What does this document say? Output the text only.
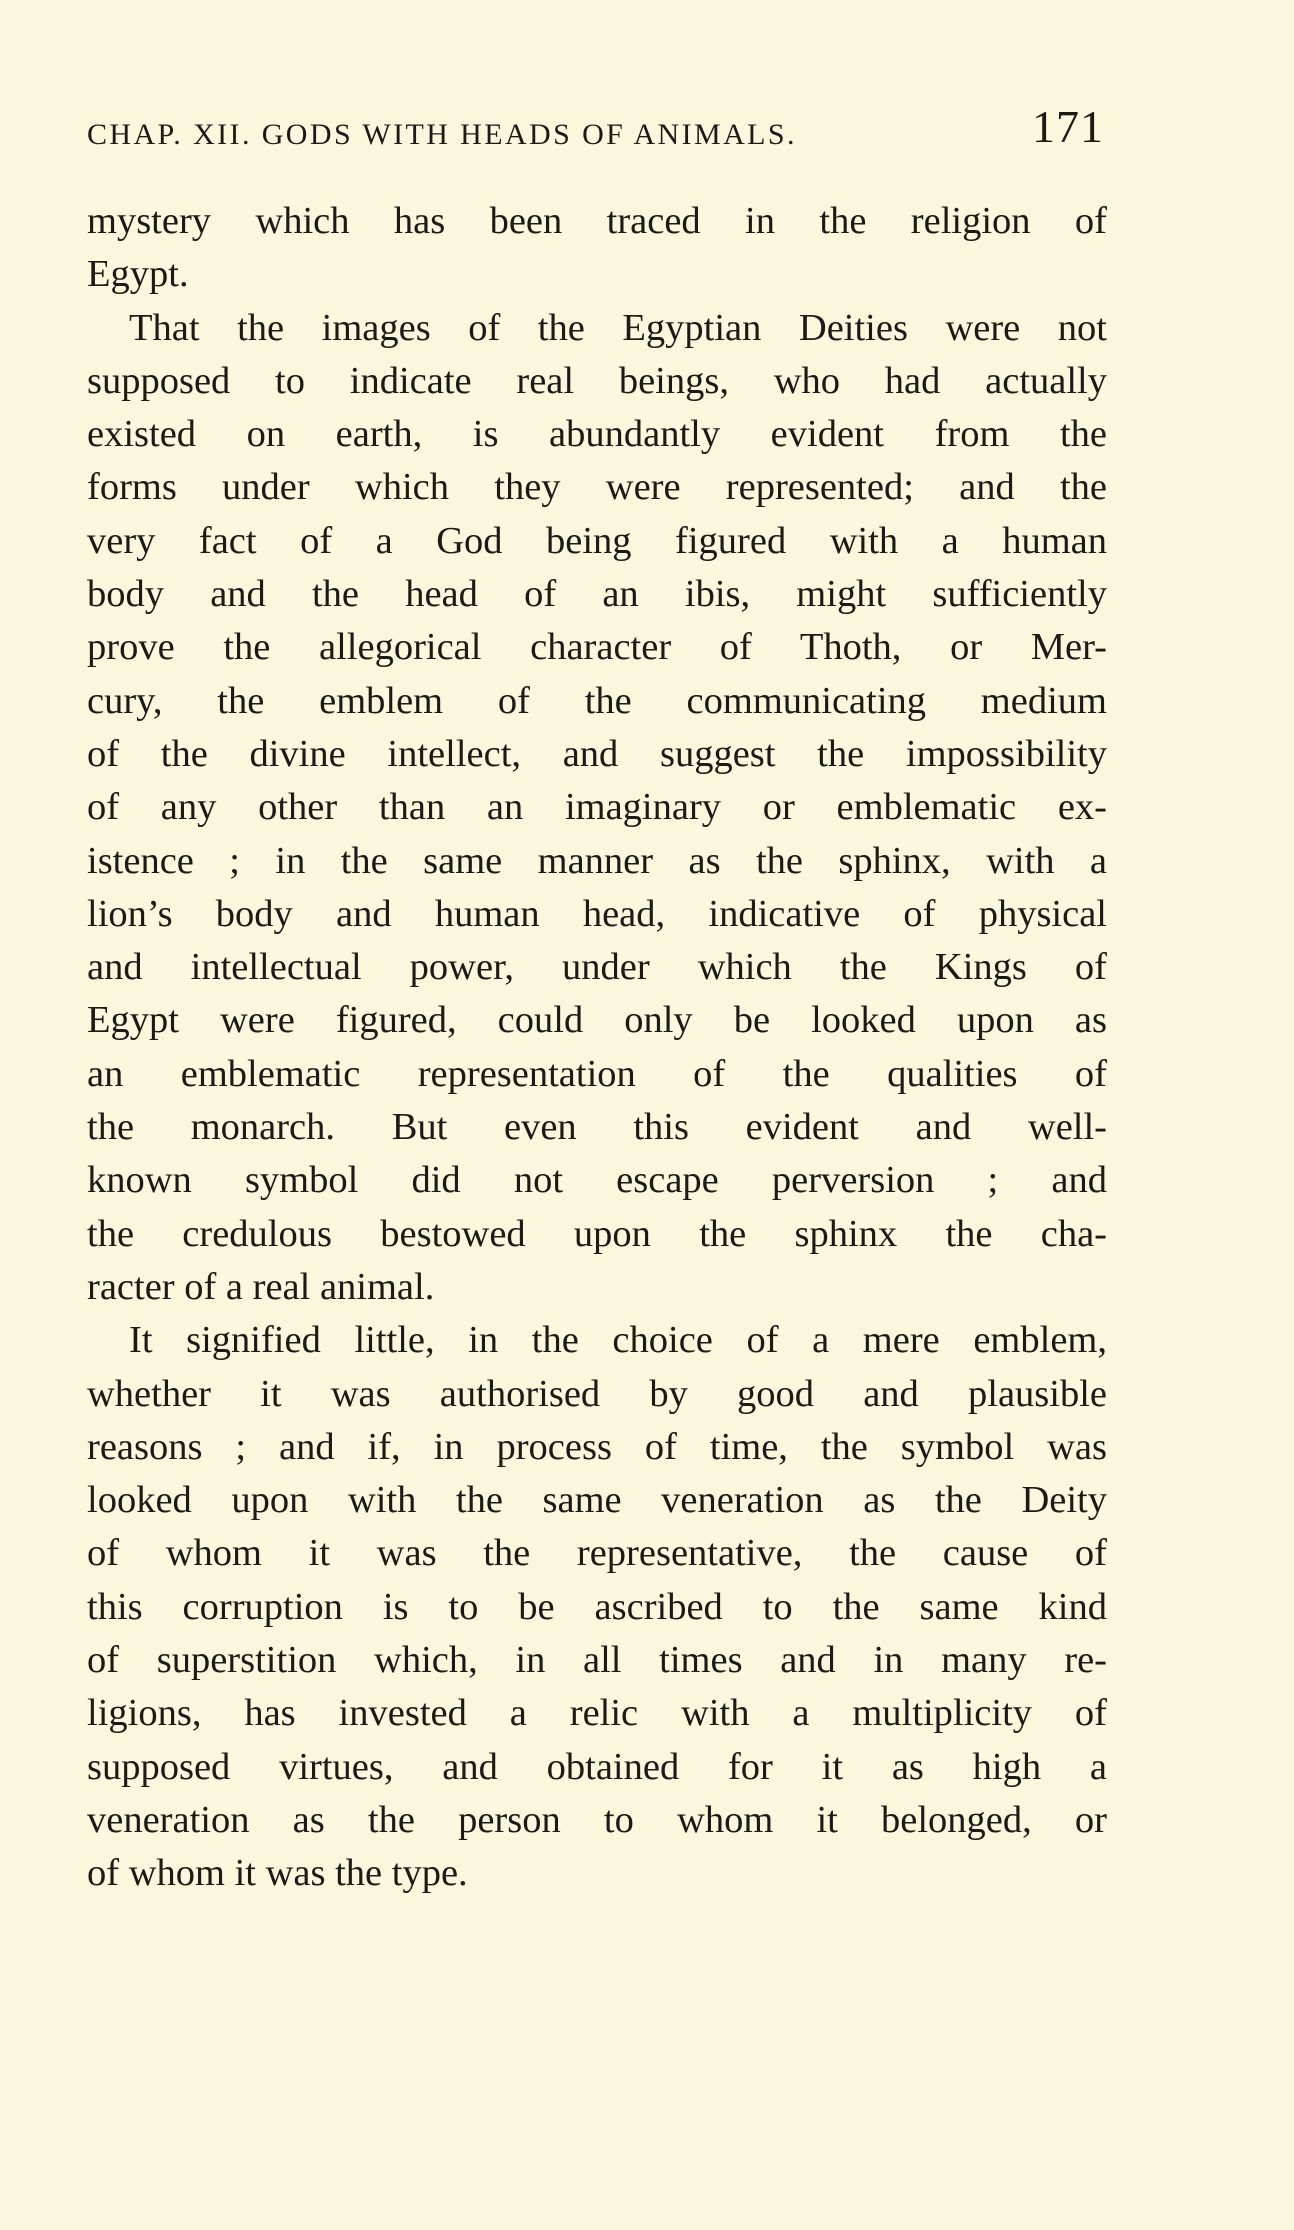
CHAP. XII. GODS WITH HEADS OF ANIMALS.	171
mystery which has been traced in the religion of
Egypt.
That the images of the Egyptian Deities were not
supposed to indicate real beings, who had actually
existed on earth, is abundantly evident from the
forms under which they were represented; and the
very fact of a God being figured with a human
body and the head of an ibis, might sufficiently
prove the allegorical character of Thoth, or Mer-
cury, the emblem of the communicating medium
of the divine intellect, and suggest the impossibility
of any other than an imaginary or emblematic ex-
istence ; in the same manner as the sphinx, with a
lion’s body and human head, indicative of physical
and intellectual power, under which the Kings of
Egypt were figured, could only be looked upon as
an emblematic representation of the qualities of
the monarch. But even this evident and well-
known symbol did not escape perversion ; and
the credulous bestowed upon the sphinx the cha-
racter of a real animal.
It signified little, in the choice of a mere emblem,
whether it was authorised by good and plausible
reasons ; and if, in process of time, the symbol was
looked upon with the same veneration as the Deity
of whom it was the representative, the cause of
this corruption is to be ascribed to the same kind
of superstition which, in all times and in many re-
ligions, has invested a relic with a multiplicity of
supposed virtues, and obtained for it as high a
veneration as the person to whom it belonged, or
of whom it was the type.
